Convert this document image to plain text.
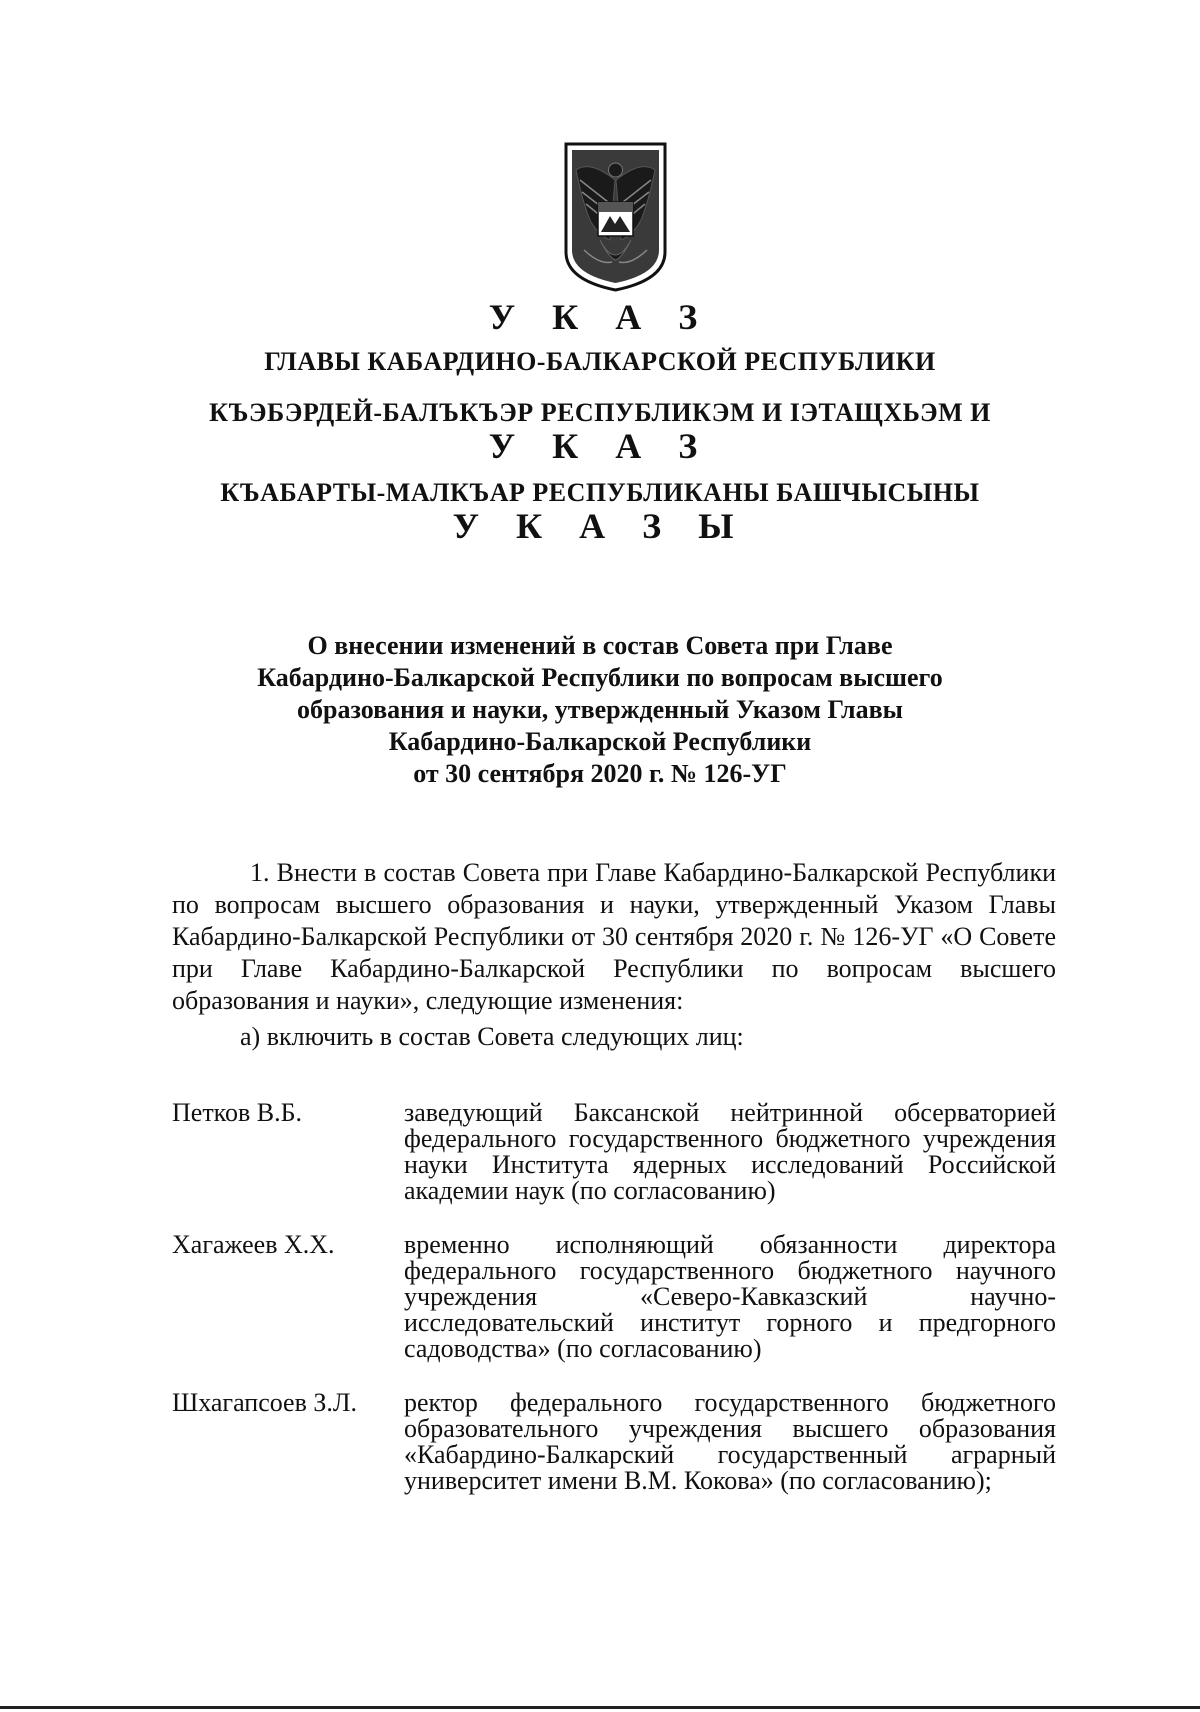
У К А З
ГЛАВЫ КАБАРДИНО-БАЛКАРСКОЙ РЕСПУБЛИКИ
КЪЭБЭРДЕЙ-БАЛЪКЪЭР РЕСПУБЛИКЭМ И ІЭТАЩХЬЭМ И
У К А З
КЪАБАРТЫ-МАЛКЪАР РЕСПУБЛИКАНЫ БАШЧЫСЫНЫ
У К А З Ы

О внесении изменений в состав Совета при Главе

Кабардино-Балкарской Республики по вопросам высшего

образования и науки, утвержденный Указом Главы

Кабардино-Балкарской Республики

от 30 сентября 2020 г. № 126-УГ

1. Внести в состав Совета при Главе Кабардино-Балкарской Республики по вопросам высшего образования и науки, утвержденный Указом Главы Кабардино-Балкарской Республики от 30 сентября 2020 г. № 126-УГ «О Совете при Главе Кабардино-Балкарской Республики по вопросам высшего образования и науки», следующие изменения:

а) включить в состав Совета следующих лиц:

Петков В.Б.	заведующий Баксанской нейтринной обсерваторией федерального государственного бюджетного учреждения науки Института ядерных исследований Российской академии наук (по согласованию)
Хагажеев Х.Х.	временно исполняющий обязанности директора федерального государственного бюджетного научного учреждения «Северо-Кавказский научно-исследовательский институт горного и предгорного садоводства» (по согласованию)
Шхагапсоев З.Л.	ректор федерального государственного бюджетного образовательного учреждения высшего образования «Кабардино-Балкарский государственный аграрный университет имени В.М. Кокова» (по согласованию);
